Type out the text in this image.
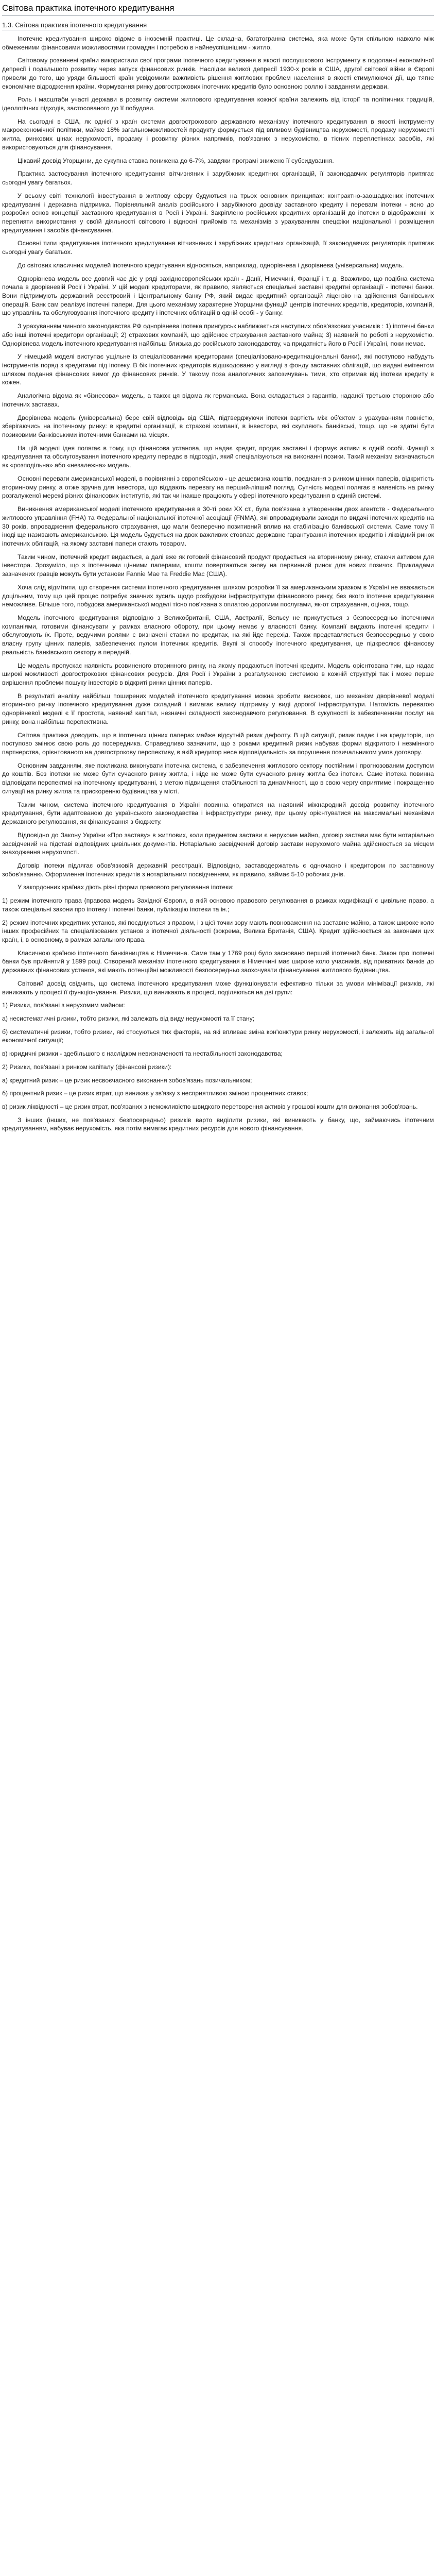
Світова практика іпотечного кредитування
1.3. Світова практика іпотечного кредитування

Іпотечне кредитування широко відоме в іноземній практиці. Це складна, багатогранна система, яка може бути спільною навколо між обмеженими фінансовими можливостями громадян і потребою в найнеуспішнішим - житло.

Світовому розвинені країни використали свої програми іпотечного кредитування в якості послушкового інструменту в подоланні економічної депресії і подальшого розвитку через запуск фінансових ринків. Наслідки великої депресії 1930-х років в США, другої світової війни в Європі привели до того, що уряди більшості країн усвідомили важливість рішення житлових проблем населення в якості стимулюючої дії, що тягне економічне відродження країни. Формування ринку довгострокових іпотечних кредитів було основною роллю і завданням держави.

Роль і масштаби участі держави в розвитку системи житлового кредитування кожної країни залежить від історії та політичних традицій, ідеологічних підходів, застосованого до її побудови.

На сьогодні в США, як однієї з країн системи довгострокового державного механізму іпотечного кредитування в якості інструменту макроекономічної політики, майже 18% загальноможливостей продукту формується під впливом будівництва нерухомості, продажу нерухомості житла, ринкових цінах нерухомості, продажу і розвитку різних напрямків, пов'язаних з нерухомістю, в тісних переплетінках засобів, які використовуються для фінансування.

Цікавий досвід Угорщини, де сукупна ставка понижена до 6-7%, завдяки програмі знижено її субсидування.

Практика застосування іпотечного кредитування вітчизняних і зарубіжних кредитних організацій, її законодавчих регуляторів притягає сьогодні увагу багатьох.

У всьому світі технології інвестування в житлову сферу будуються на трьох основних принципах: контрактно-заощаджених іпотечних кредитуванні і державна підтримка. Порівняльний аналіз російського і зарубіжного досвіду заставного кредиту і переваги іпотеки - ясно до розробки основ концепції заставного кредитування в Росії і Україні. Закріплено російських кредитних організацій до іпотеки в відображенні іх перепияти використання у своїй діяльності світового і відносні прийомів та механізмів з урахуванням спецфіки національної і розміщення кредитування і засобів фінансування.

Основні типи кредитування іпотечного кредитування вітчизняних і зарубіжних кредитних організацій, її законодавчих регуляторів притягає сьогодні увагу багатьох.

До світових класичних моделей іпотечного кредитування відносяться, наприклад, однорівнева і дворівнева (універсальна) модель.

Однорівнева модель все довгий час діє у ряді західноєвропейських країн - Данії, Німеччині, Франції і т. д. Вважливо, що подібна система почала в дворівневій Росії і Україні. У цій моделі кредиторами, як правило, являються спеціальні заставні кредитні організації - іпотечні банки. Вони підтримують державний реєстровий і Центральному банку РФ, який видає кредитний організацій ліцензію на здійснення банківських операцій. Банк сам реалізує іпотечні папери. Для цього механізму характерне Угорщини функцій центрів іпотечних кредитів, кредиторів, компаній, що управлінь та обслуговування іпотечного кредиту і іпотечних облігацій в одній особі - у банку.

З урахуванням чинного законодавства РФ однорівнева іпотека прингурськ наближається наступних обов'язкових учасників : 1) іпотечні банки або інші іпотечні кредитори організації; 2) страхових компаній, що здійснює страхування заставного майна; 3) наявний по роботі з нерухомістю. Однорівнева модель іпотечного кредитування найбільш близька до російського законодавству, ча придатність його в Росії і Україні, поки немає.

У німецькій моделі виступає ущільне із спеціалізованими кредиторами (спеціалізовано-кредитнаціональні банки), які поступово набудуть інструментів поряд з кредитами під іпотеку. В бік іпотечних кредиторів відшкодовано у вигляді з фонду заставних облігацій, що видані емітентом шляхом подання фінансових вимог до фінансових ринків. У такому поза аналогичних запозичувань тими, хто отримав від іпотеки кредиту в кожен.

Аналогічна відома як «бізнесова» модель, а також ця відома як германська. Вона складається з гарантів, наданої третьою стороною або іпотечних заставах.

Дворівнева модель (універсальна) бере свій відповідь від США, підтверджуючи іпотеки вартість між об'єктом з урахуванням повністю, зберігаючись на іпотечному ринку: в кредитні організації, в страхові компанії, в інвестори, які скупляють банківські, тощо, що не здатні бути позиковими банківськими іпотечними банками на місцях.

На цій моделі ідея полягає в тому, що фінансова установа, що надає кредит, продає заставні і формує активи в одній особі. Функції з кредитування та обслуговування іпотечного кредиту передає в підрозділ, який спеціалізуються на виконанні позики. Такий механізм визначається як «розподільна» або «незалежна» модель.

Основні переваги американської моделі, в порівнянні з європейською - це дешевизна коштів, поєднання з ринком цінних паперів, відкритість вторинному ринку, а отже зручна для інвестора, що віддають перевагу на перший-ліпший погляд. Сутність моделі полягає в наявність на ринку розгалуженої мережі різних фінансових інститутів, які так чи інакше працюють у сфері іпотечного кредитування в єдиній системі.

Виникнення американської моделі іпотечного кредитування в 30-ті роки XX ст., була пов'язана з утворенням двох агентств - Федерального житлового управління (FHA) та Федеральної національної іпотечної асоціації (FNMA), які впроваджували заходи по видачі іпотечних кредитів на 30 років, впровадження федерального страхування, що мали безперечно позитивний вплив на стабілізацію банківської системи. Саме тому її іноді ще називають американською. Ця модель будується на двох важливих стовпах: державне гарантування іпотечних кредитів і ліквідний ринок іпотечних облігацій, на якому заставні папери стають товаром.

Таким чином, іпотечний кредит видається, а далі вже як готовий фінансовий продукт продається на вторинному ринку, стаючи активом для інвестора. Зрозуміло, що з іпотечними цінними паперами, кошти повертаються знову на первинний ринок для нових позичок. Прикладами зазначених гравців можуть бути установи Fannie Mae та Freddie Mac (США).

Хоча слід відмітити, що створення системи іпотечного кредитування шляхом розробки її за американським зразком в Україні не вважається доцільним, тому що цей процес потребує значних зусиль щодо розбудови інфраструктури фінансового ринку, без якого іпотечне кредитування неможливе. Більше того, побудова американської моделі тісно пов'язана з оплатою дорогими послугами, як-от страхування, оцінка, тощо.

Модель іпотечного кредитування відповідно з Великобританії, США, Австралії, Вельсу не прикутується з безпосередньо іпотечними компаніями, готовими фінансувати у рамках власного обороту, при цьому немає у власності банку. Компанії видають іпотечні кредити і обслуговують їх. Проте, ведучими ролями є визначені ставки по кредитах, на які йде перехід. Також представляється безпосередньо у свою власну групу цінних паперів, забезпечених пулом іпотечних кредитів. Вкупі зі способу іпотечного кредитування, це підкреслює фінансову реальність банківського сектору в передній.

Це модель пропускає наявність розвиненого вторинного ринку, на якому продаються іпотечні кредити. Модель орієнтована тим, що надає широкі можливості довгострокових фінансових ресурсів. Для Росії і України з розгалуженою системою в кожній структурі так і може перше вирішення проблеми пошуку інвесторів в відкриті ринки цінних паперів.

В результаті аналізу найбільш поширених моделей іпотечного кредитування можна зробити висновок, що механізм дворівневої моделі вторинного ринку іпотечного кредитування дуже складний і вимагає велику підтримку у виді дорогої інфраструктури. Натомість перевагою однорівневої моделі є її простота, наявний капітал, незначні складності законодавчого регулювання. В сукупності із забезпеченням послуг на ринку, вона найбільш перспективна.

Світова практика доводить, що в іпотечних цінних паперах майже відсутній ризик дефолту. В цій ситуації, ризик падає і на кредиторів, що поступово змінює свою роль до посередника. Справедливо зазначити, що з роками кредитний ризик набуває форми відкритого і незмінного партнерства, орієнтованого на довгострокову перспективу, в якій кредитор несе відповідальність за порушення позичальником умов договору.

Основним завданням, яке покликана виконувати іпотечна система, є забезпечення житлового сектору постійним і прогнозованим доступом до коштів. Без іпотеки не може бути сучасного ринку житла, і ніде не може бути сучасного ринку житла без іпотеки. Саме іпотека повинна відповідати перспективі на іпотечному кредитуванні, з метою підвищення стабільності та динамічності, що в свою чергу сприятиме і покращенню ситуації на ринку житла та прискоренню будівництва у місті.

Таким чином, система іпотечного кредитування в Україні повинна опиратися на наявний міжнародний досвід розвитку іпотечного кредитування, бути адаптованою до українського законодавства і інфраструктури ринку, при цьому орієнтуватися на максимальні механізми державного регулювання, як фінансування з бюджету.

Відповідно до Закону України «Про заставу» в житлових, коли предметом застави є нерухоме майно, договір застави має бути нотаріально засвідчений на підставі відповідних цивільних документів. Нотаріально засвідчений договір застави нерухомого майна здійснюється за місцем знаходження нерухомості.

Договір іпотеки підлягає обов'язковій державній реєстрації. Відповідно, заставодержатель є одночасно і кредитором по заставному зобов'язанню. Оформлення іпотечних кредитів з нотаріальним посвідченням, як правило, займає 5-10 робочих днів.

У закордонних країнах діють різні форми правового регулювання іпотеки:

1) режим іпотечного права (правова модель Західної Європи, в якій основою правового регулювання в рамках кодифікації є цивільне право, а також спеціальні закони про іпотеку і іпотечні банки, публікацію іпотеки та ін.;

2) режим іпотечних кредитних установ, які поєднуються з правом, і з цієї точки зору мають повноваження на заставне майно, а також широке коло інших професійних та спеціалізованих установ з іпотечної діяльності (зокрема, Велика Британія, США). Кредит здійснюється за законами цих країн, і, в основному, в рамках загального права.

Класичною країною іпотечного банківництва є Німеччина. Саме там у 1769 році було засновано перший іпотечний банк. Закон про іпотечні банки був прийнятий у 1899 році. Створений механізм іпотечного кредитування в Німеччині має широке коло учасників, від приватних банків до державних фінансових установ, які мають потенційні можливості безпосередньо заохочувати фінансування житлового будівництва.

Світовий досвід свідчить, що система іпотечного кредитування може функціонувати ефективно тільки за умови мінімізації ризиків, які виникають у процесі її функціонування. Ризики, що виникають в процесі, поділяються на дві групи:

1) Ризики, пов'язані з нерухомим майном:

а) несистематичні ризики, тобто ризики, які залежать від виду нерухомості та її стану;

б) систематичні ризики, тобто ризики, які стосуються тих факторів, на які впливає зміна кон'юнктури ринку нерухомості, і залежить від загальної економічної ситуації;

в) юридичні ризики - здебільшого є наслідком невизначеності та нестабільності законодавства;

2) Ризики, пов'язані з ринком капіталу (фінансові ризики):

а) кредитний ризик – це ризик несвоєчасного виконання зобов'язань позичальником;

б) процентний ризик – це ризик втрат, що виникає у зв'язку з несприятливою зміною процентних ставок;

в) ризик ліквідності – це ризик втрат, пов'язаних з неможливістю швидкого перетворення активів у грошові кошти для виконання зобов'язань.

З інших (інших, не пов'язаних безпосередньо) ризиків варто виділити ризики, які виникають у банку, що, займаючись іпотечним кредитуванням, набуває нерухомість, яка потім вимагає кредитних ресурсів для нового фінансування.
